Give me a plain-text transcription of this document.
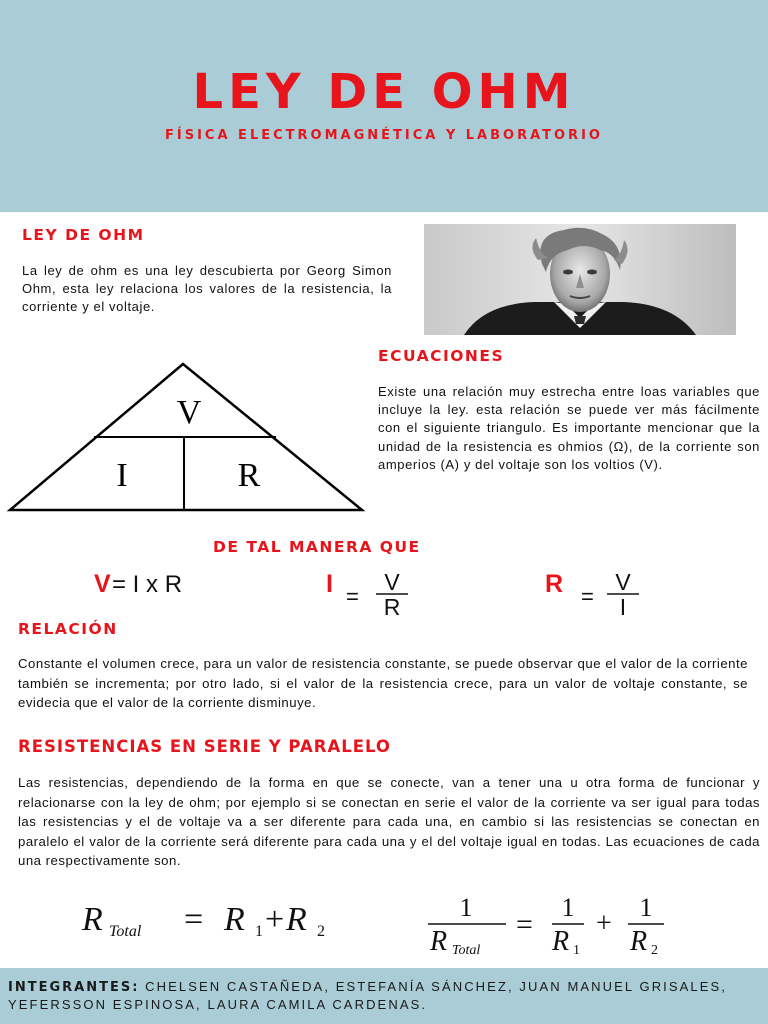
LEY DE OHM
FÍSICA ELECTROMAGNÉTICA Y LABORATORIO
LEY DE OHM
La ley de ohm es una ley descubierta por Georg Simon Ohm, esta ley relaciona los valores de la resistencia, la corriente y el voltaje.
V
I	R
ECUACIONES
Existe una relación muy estrecha entre loas variables que incluye la ley. esta relación se puede ver más fácilmente con el siguiente triangulo. Es importante mencionar que la unidad de la resistencia es ohmios (Ω), de la corriente son amperios (A) y del voltaje son los voltios (V).
DE TAL MANERA QUE
V = I x R	I =
V
R
R =
V
I
RELACIÓN
Constante el volumen crece, para un valor de resistencia constante, se puede observar que el valor de la corriente también se incrementa; por otro lado, si el valor de la resistencia crece, para un valor de voltaje constante, se evidecia que el valor de la corriente disminuye.
RESISTENCIAS EN SERIE Y PARALELO
Las resistencias, dependiendo de la forma en que se conecte, van a tener una u otra forma de funcionar y relacionarse con la ley de ohm; por ejemplo si se conectan en serie el valor de la corriente va ser igual para todas las resistencias y el de voltaje va a ser diferente para cada una, en cambio si las resistencias se conectan en paralelo el valor de la corriente será diferente para cada una y el del voltaje igual en todas. Las ecuaciones de cada una respectivamente son.
R Total = R 1 + R 2
1
R Total
=
1
R 1
+
1
R 2
INTEGRANTES: CHELSEN CASTAÑEDA, ESTEFANÍA SÁNCHEZ, JUAN MANUEL GRISALES, YEFERSSON ESPINOSA, LAURA CAMILA CARDENAS.
